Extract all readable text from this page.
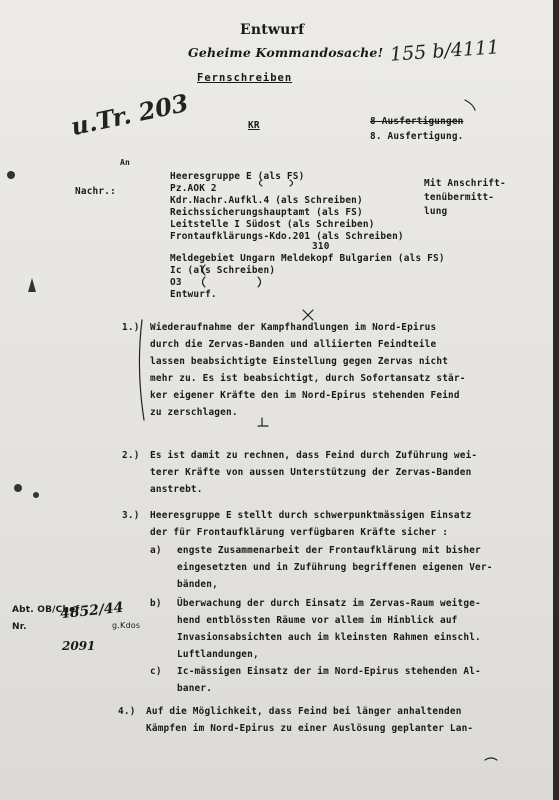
Entwurf
Geheime Kommandosache! 155 b/4111
Fernschreiben
u.Tr. 203	KR	8 Ausfertigungen
8. Ausfertigung.
An
Nachr.:
Heeresgruppe E (als FS)
Pz.AOK 2
Kdr.Nachr.Aufkl.4 (als Schreiben)
Reichssicherungshauptamt (als FS)
Leitstelle I Südost (als Schreiben)
Frontaufklärungs-Kdo.201 (als Schreiben)
310
Meldegebiet Ungarn Meldekopf Bulgarien (als FS)
Ic (als Schreiben)
O3
Entwurf.
Mit Anschrift-
tenübermitt-
lung
1.) Wiederaufnahme der Kampfhandlungen im Nord-Epirus
durch die Zervas-Banden und alliierten Feindteile
lassen beabsichtigte Einstellung gegen Zervas nicht
mehr zu. Es ist beabsichtigt, durch Sofortansatz stär-
ker eigener Kräfte den im Nord-Epirus stehenden Feind
zu zerschlagen.
2.) Es ist damit zu rechnen, dass Feind durch Zuführung wei-
terer Kräfte von aussen Unterstützung der Zervas-Banden
anstrebt.
3.) Heeresgruppe E stellt durch schwerpunktmässigen Einsatz
der für Frontaufklärung verfügbaren Kräfte sicher :
a) engste Zusammenarbeit der Frontaufklärung mit bisher
eingesetzten und in Zuführung begriffenen eigenen Ver-
bänden,
b) Überwachung der durch Einsatz im Zervas-Raum weitge-
hend entblössten Räume vor allem im Hinblick auf
Invasionsabsichten auch im kleinsten Rahmen einschl.
Luftlandungen,
c) Ic-mässigen Einsatz der im Nord-Epirus stehenden Al-
baner.
4.) Auf die Möglichkeit, dass Feind bei länger anhaltenden
Kämpfen im Nord-Epirus zu einer Auslösung geplanter Lan-
Abt. OB/Chef
Nr.
4852/44
g.Kdos
2091
